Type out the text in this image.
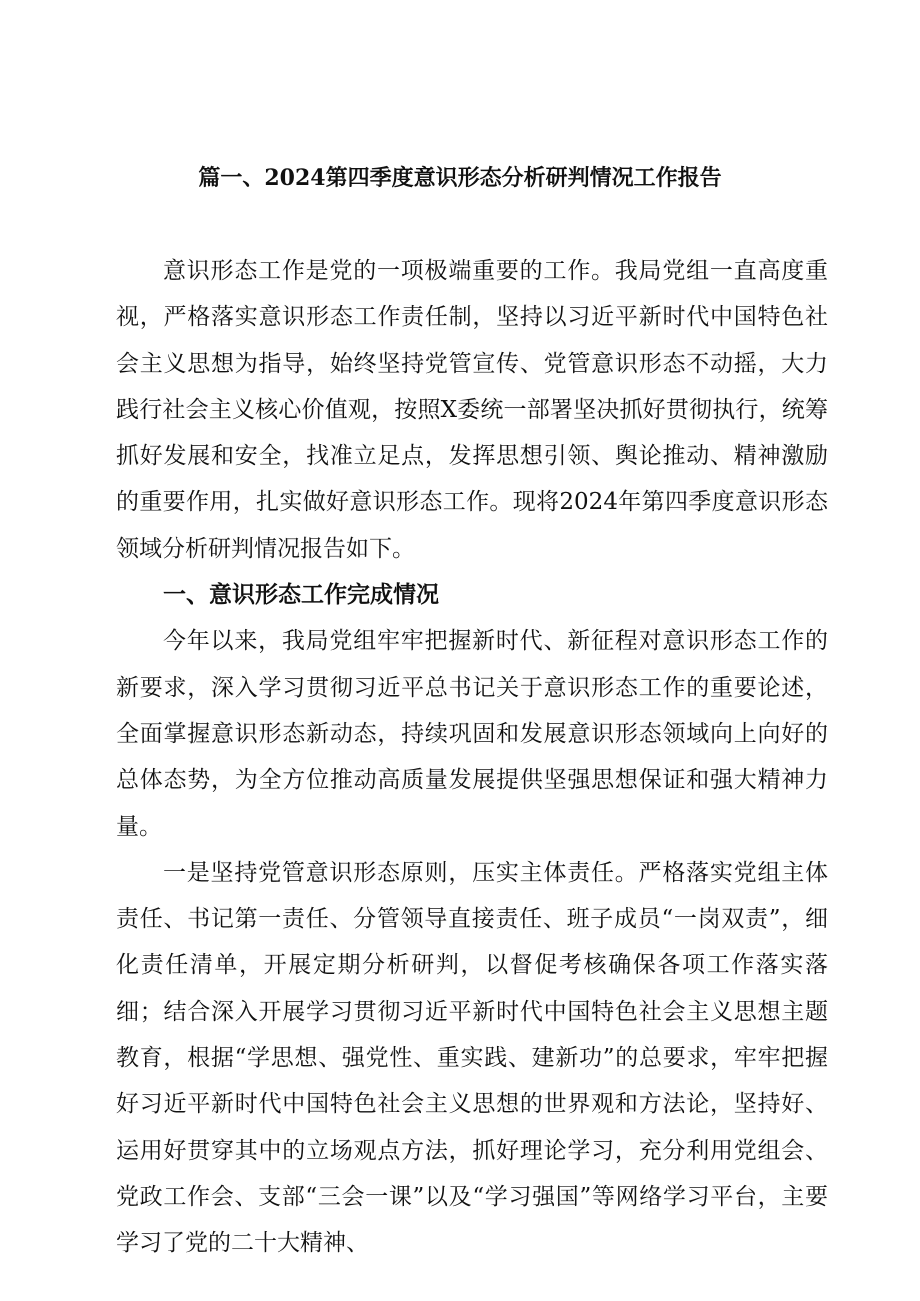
篇一、2024第四季度意识形态分析研判情况工作报告

意识形态工作是党的一项极端重要的工作。我局党组一直高度重视，严格落实意识形态工作责任制，坚持以习近平新时代中国特色社会主义思想为指导，始终坚持党管宣传、党管意识形态不动摇，大力践行社会主义核心价值观，按照X委统一部署坚决抓好贯彻执行，统筹抓好发展和安全，找准立足点，发挥思想引领、舆论推动、精神激励的重要作用，扎实做好意识形态工作。现将2024年第四季度意识形态领域分析研判情况报告如下。

一、意识形态工作完成情况

今年以来，我局党组牢牢把握新时代、新征程对意识形态工作的新要求，深入学习贯彻习近平总书记关于意识形态工作的重要论述，全面掌握意识形态新动态，持续巩固和发展意识形态领域向上向好的总体态势，为全方位推动高质量发展提供坚强思想保证和强大精神力量。

一是坚持党管意识形态原则，压实主体责任。严格落实党组主体责任、书记第一责任、分管领导直接责任、班子成员“一岗双责”，细化责任清单，开展定期分析研判，以督促考核确保各项工作落实落细；结合深入开展学习贯彻习近平新时代中国特色社会主义思想主题教育，根据“学思想、强党性、重实践、建新功”的总要求，牢牢把握好习近平新时代中国特色社会主义思想的世界观和方法论，坚持好、运用好贯穿其中的立场观点方法，抓好理论学习，充分利用党组会、党政工作会、支部“三会一课”以及“学习强国”等网络学习平台，主要学习了党的二十大精神、
